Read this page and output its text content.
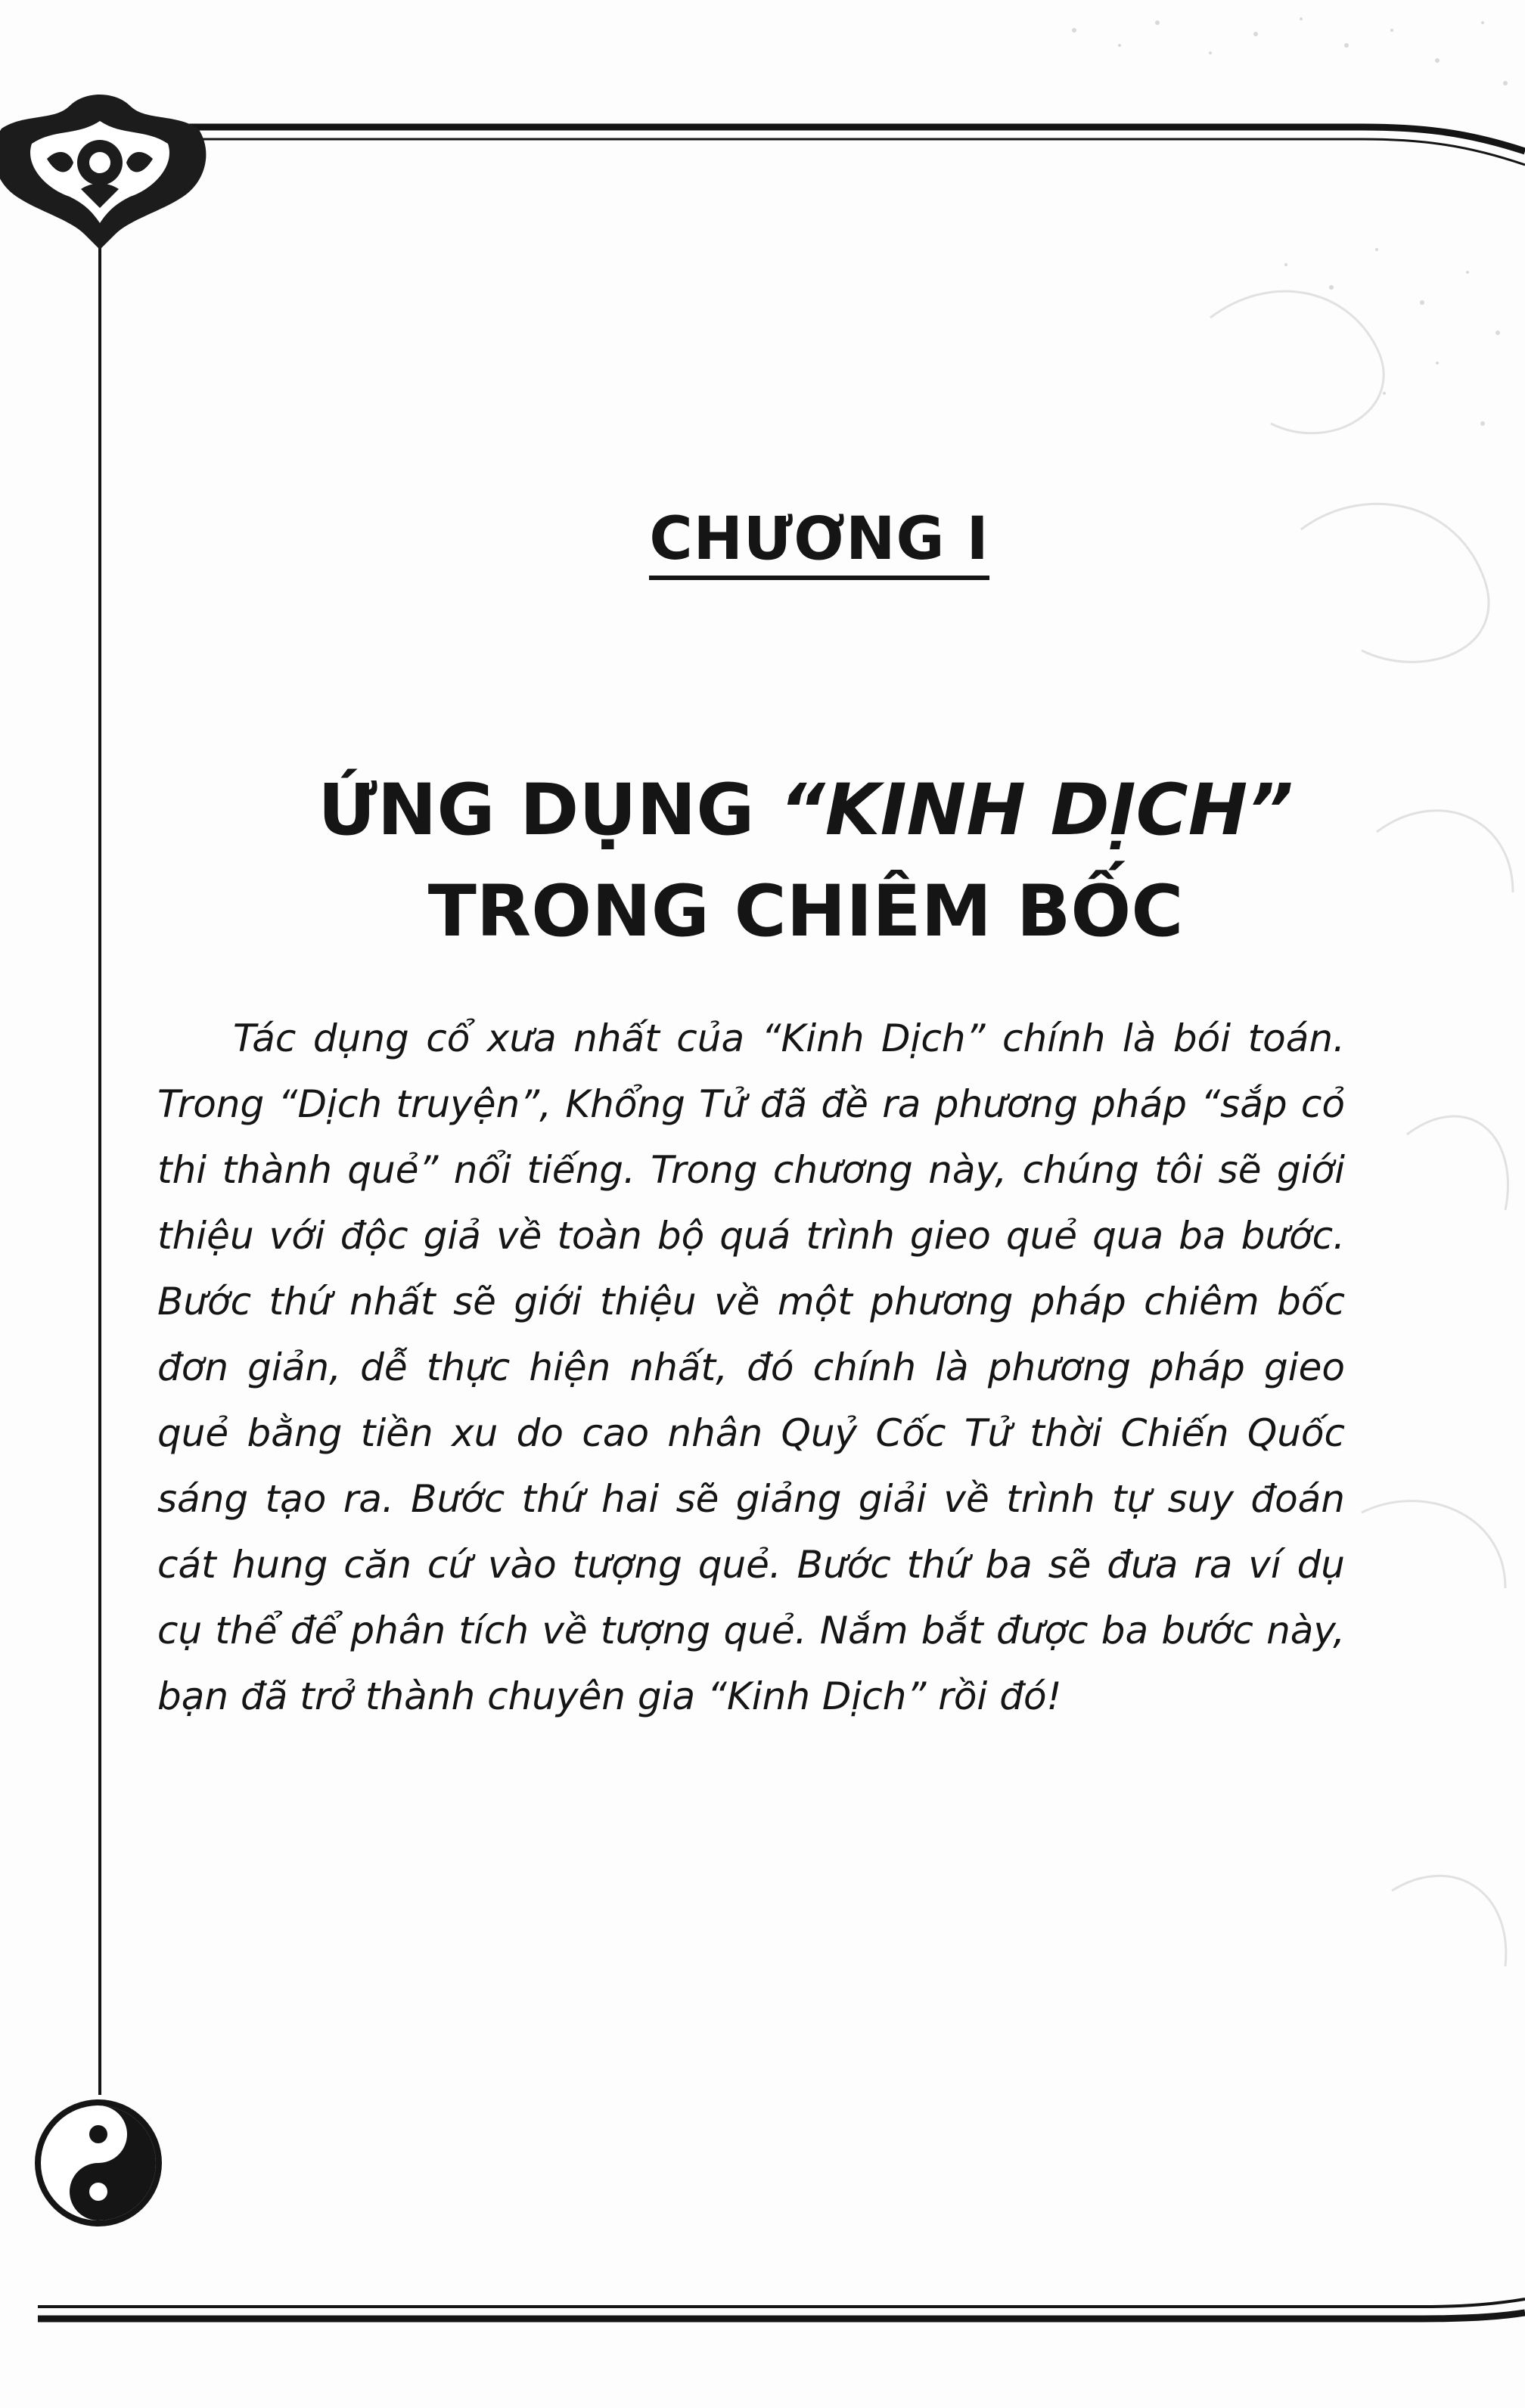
CHƯƠNG I
ỨNG DỤNG “KINH DỊCH”
TRONG CHIÊM BỐC

Tác dụng cổ xưa nhất của “Kinh Dịch” chính là bói toán. Trong “Dịch truyện”, Khổng Tử đã đề ra phương pháp “sắp cỏ thi thành quẻ” nổi tiếng. Trong chương này, chúng tôi sẽ giới thiệu với độc giả về toàn bộ quá trình gieo quẻ qua ba bước. Bước thứ nhất sẽ giới thiệu về một phương pháp chiêm bốc đơn giản, dễ thực hiện nhất, đó chính là phương pháp gieo quẻ bằng tiền xu do cao nhân Quỷ Cốc Tử thời Chiến Quốc sáng tạo ra. Bước thứ hai sẽ giảng giải về trình tự suy đoán cát hung căn cứ vào tượng quẻ. Bước thứ ba sẽ đưa ra ví dụ cụ thể để phân tích về tượng quẻ. Nắm bắt được ba bước này, bạn đã trở thành chuyên gia “Kinh Dịch” rồi đó!
